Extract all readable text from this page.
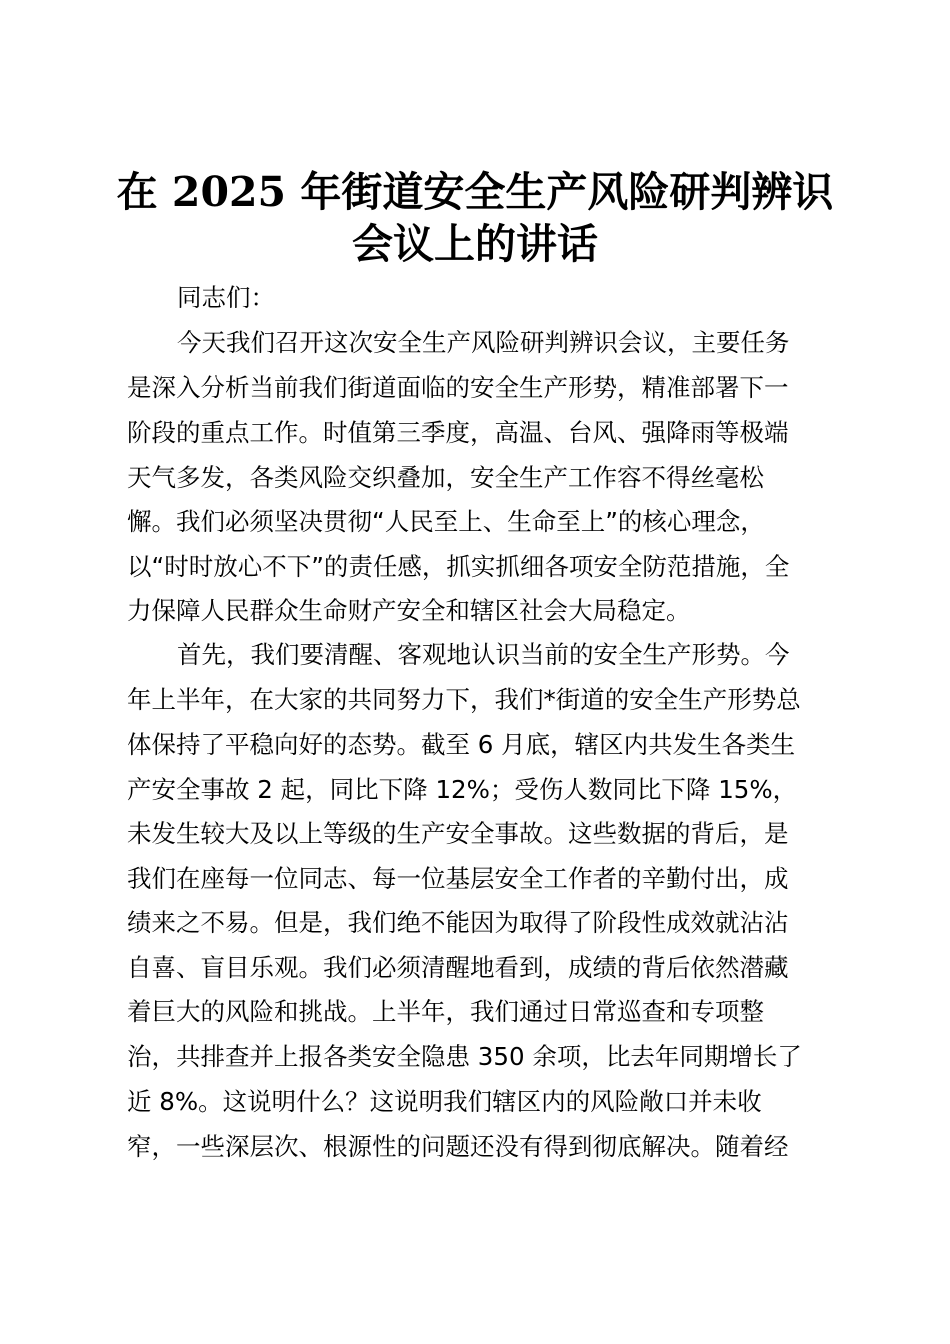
在 2025 年街道安全生产风险研判辨识
会议上的讲话

同志们：

今天我们召开这次安全生产风险研判辨识会议，主要任务

是深入分析当前我们街道面临的安全生产形势，精准部署下一

阶段的重点工作。时值第三季度，高温、台风、强降雨等极端

天气多发，各类风险交织叠加，安全生产工作容不得丝毫松

懈。我们必须坚决贯彻“人民至上、生命至上”的核心理念，

以“时时放心不下”的责任感，抓实抓细各项安全防范措施，全

力保障人民群众生命财产安全和辖区社会大局稳定。

首先，我们要清醒、客观地认识当前的安全生产形势。今

年上半年，在大家的共同努力下，我们*街道的安全生产形势总

体保持了平稳向好的态势。截至 6 月底，辖区内共发生各类生

产安全事故 2 起，同比下降 12%；受伤人数同比下降 15%，

未发生较大及以上等级的生产安全事故。这些数据的背后，是

我们在座每一位同志、每一位基层安全工作者的辛勤付出，成

绩来之不易。但是，我们绝不能因为取得了阶段性成效就沾沾

自喜、盲目乐观。我们必须清醒地看到，成绩的背后依然潜藏

着巨大的风险和挑战。上半年，我们通过日常巡查和专项整

治，共排查并上报各类安全隐患 350 余项，比去年同期增长了

近 8%。这说明什么？这说明我们辖区内的风险敞口并未收

窄，一些深层次、根源性的问题还没有得到彻底解决。随着经
